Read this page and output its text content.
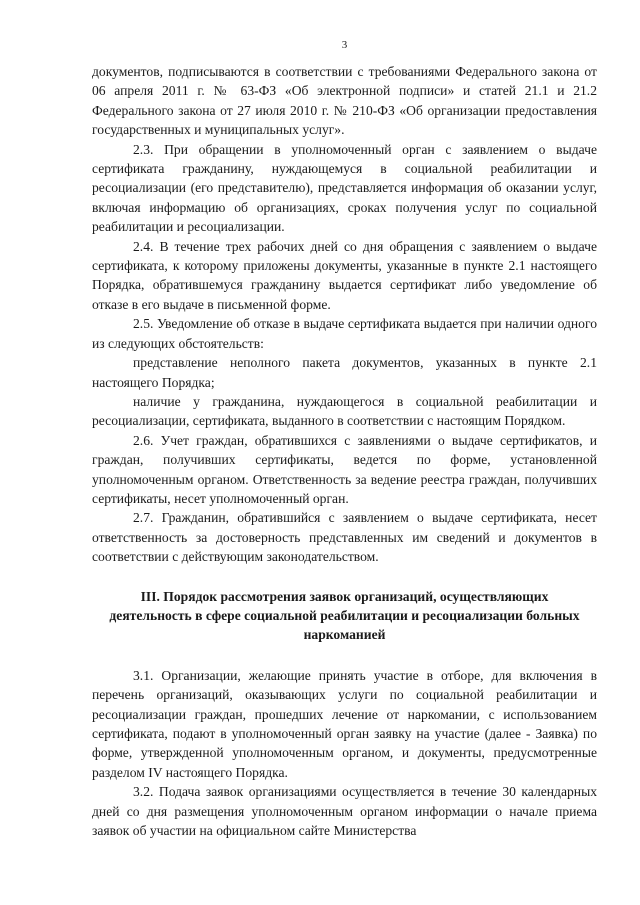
3

документов, подписываются в соответствии с требованиями Федерального закона от 06 апреля 2011 г. № 63-ФЗ «Об электронной подписи» и статей 21.1 и 21.2 Федерального закона от 27 июля 2010 г. № 210-ФЗ «Об организации предоставления государственных и муниципальных услуг».

2.3. При обращении в уполномоченный орган с заявлением о выдаче сертификата гражданину, нуждающемуся в социальной реабилитации и ресоциализации (его представителю), представляется информация об оказании услуг, включая информацию об организациях, сроках получения услуг по социальной реабилитации и ресоциализации.

2.4. В течение трех рабочих дней со дня обращения с заявлением о выдаче сертификата, к которому приложены документы, указанные в пункте 2.1 настоящего Порядка, обратившемуся гражданину выдается сертификат либо уведомление об отказе в его выдаче в письменной форме.

2.5. Уведомление об отказе в выдаче сертификата выдается при наличии одного из следующих обстоятельств:

представление неполного пакета документов, указанных в пункте 2.1 настоящего Порядка;

наличие у гражданина, нуждающегося в социальной реабилитации и ресоциализации, сертификата, выданного в соответствии с настоящим Порядком.

2.6. Учет граждан, обратившихся с заявлениями о выдаче сертификатов, и граждан, получивших сертификаты, ведется по форме, установленной уполномоченным органом. Ответственность за ведение реестра граждан, получивших сертификаты, несет уполномоченный орган.

2.7. Гражданин, обратившийся с заявлением о выдаче сертификата, несет ответственность за достоверность представленных им сведений и документов в соответствии с действующим законодательством.

III. Порядок рассмотрения заявок организаций, осуществляющих деятельность в сфере социальной реабилитации и ресоциализации больных наркоманией

3.1. Организации, желающие принять участие в отборе, для включения в перечень организаций, оказывающих услуги по социальной реабилитации и ресоциализации граждан, прошедших лечение от наркомании, с использованием сертификата, подают в уполномоченный орган заявку на участие (далее - Заявка) по форме, утвержденной уполномоченным органом, и документы, предусмотренные разделом IV настоящего Порядка.

3.2. Подача заявок организациями осуществляется в течение 30 календарных дней со дня размещения уполномоченным органом информации о начале приема заявок об участии на официальном сайте Министерства
